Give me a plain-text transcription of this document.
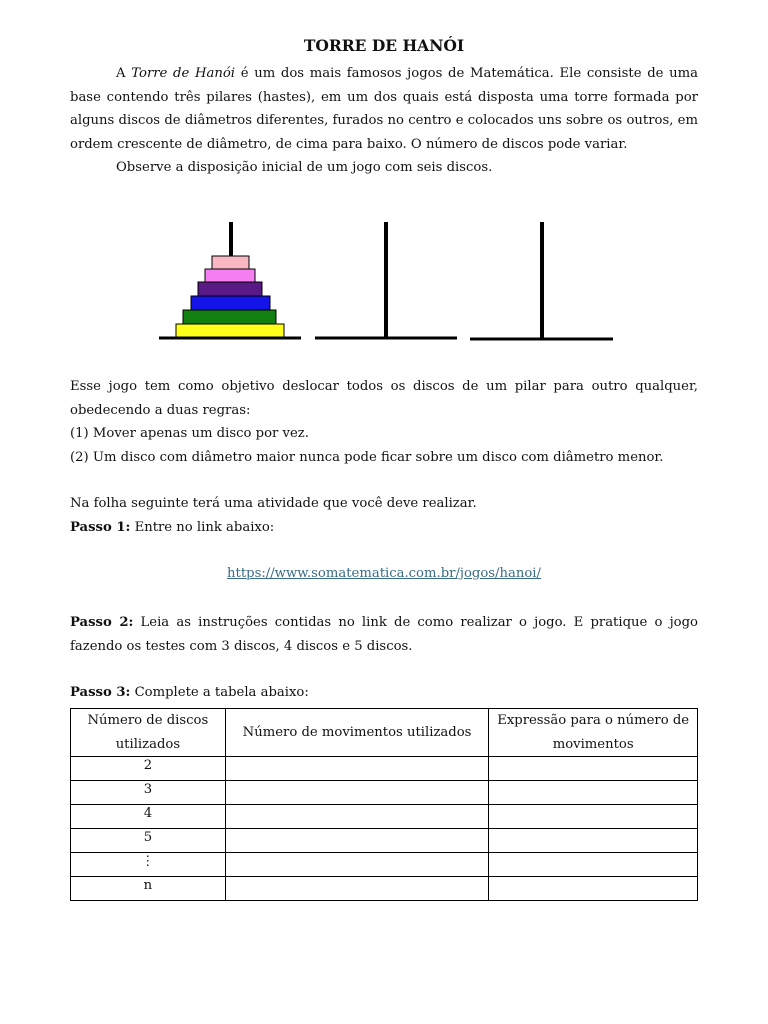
TORRE DE HANÓI
A Torre de Hanói é um dos mais famosos jogos de Matemática. Ele consiste de uma base contendo três pilares (hastes), em um dos quais está disposta uma torre formada por alguns discos de diâmetros diferentes, furados no centro e colocados uns sobre os outros, em ordem crescente de diâmetro, de cima para baixo. O número de discos pode variar.
Observe a disposição inicial de um jogo com seis discos.
Esse jogo tem como objetivo deslocar todos os discos de um pilar para outro qualquer, obedecendo a duas regras:
(1) Mover apenas um disco por vez.
(2) Um disco com diâmetro maior nunca pode ficar sobre um disco com diâmetro menor.
Na folha seguinte terá uma atividade que você deve realizar.
Passo 1: Entre no link abaixo:
https://www.somatematica.com.br/jogos/hanoi/
Passo 2: Leia as instruções contidas no link de como realizar o jogo. E pratique o jogo fazendo os testes com 3 discos, 4 discos e 5 discos.
Passo 3: Complete a tabela abaixo:
Número de discos utilizados	Número de movimentos utilizados	Expressão para o número de movimentos
2		
3		
4		
5		
⋮		
n		
